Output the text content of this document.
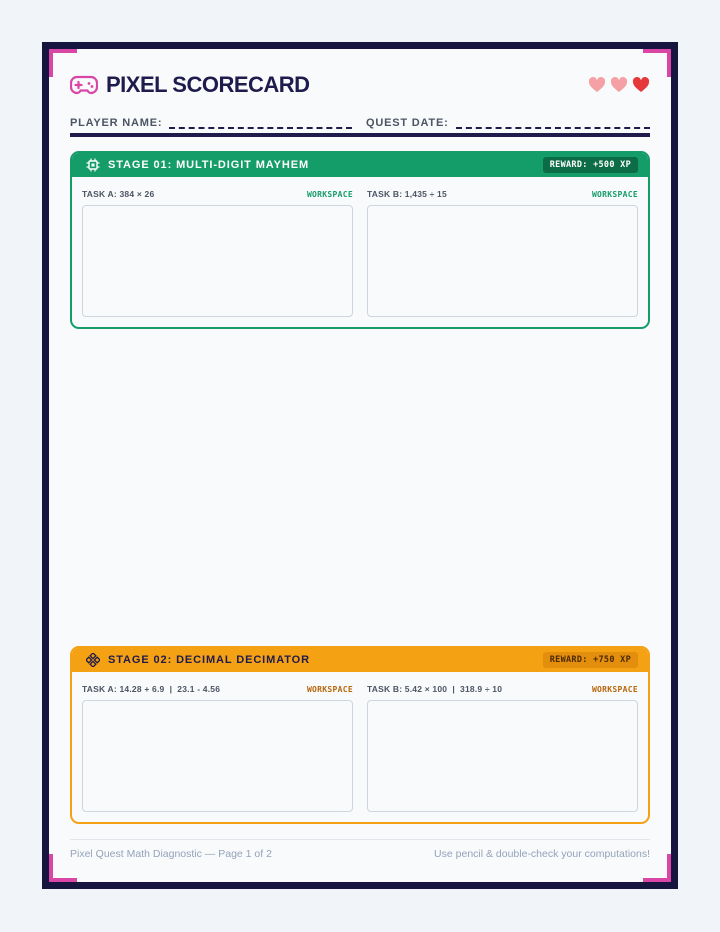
PIXEL SCORECARD
PLAYER NAME:	QUEST DATE:
STAGE 01: MULTI-DIGIT MAYHEM	REWARD: +500 XP
TASK A: 384 × 26	WORKSPACE TASK B: 1,435 ÷ 15	WORKSPACE
STAGE 02: DECIMAL DECIMATOR	REWARD: +750 XP
TASK A: 14.28 + 6.9  |  23.1 - 4.56	WORKSPACE TASK B: 5.42 × 100  |  318.9 ÷ 10	WORKSPACE
Pixel Quest Math Diagnostic — Page 1 of 2	Use pencil & double-check your computations!
